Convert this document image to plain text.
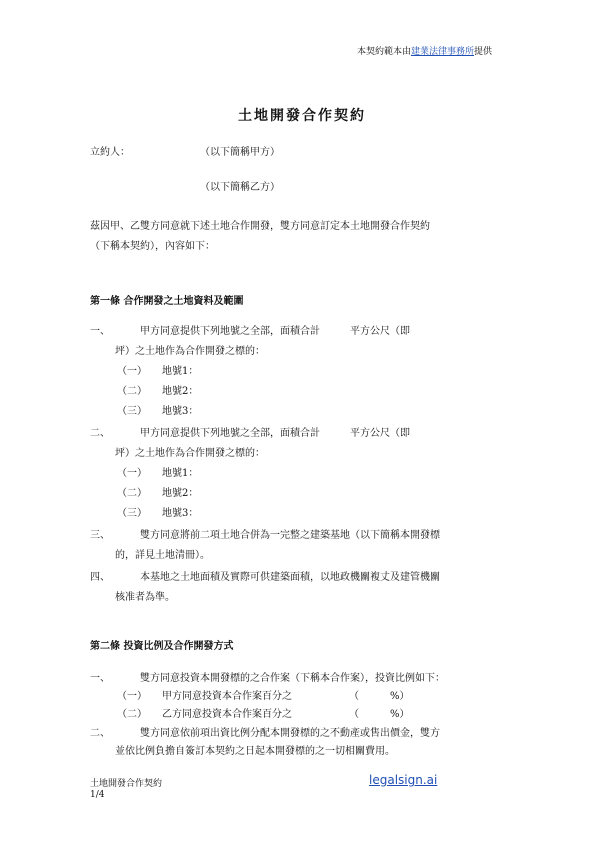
本契約範本由建業法律事務所提供
土地開發合作契約
立約人：	（以下簡稱甲方）
（以下簡稱乙方）
茲因甲、乙雙方同意就下述土地合作開發，雙方同意訂定本土地開發合作契約
（下稱本契約），內容如下：
第一條 合作開發之土地資料及範圍
一、	甲方同意提供下列地號之全部，面積合計　　　平方公尺（即
坪）之土地作為合作開發之標的：
（一） 地號1：
（二） 地號2：
（三） 地號3：
二、	甲方同意提供下列地號之全部，面積合計　　　平方公尺（即
坪）之土地作為合作開發之標的：
（一） 地號1：
（二） 地號2：
（三） 地號3：
三、	雙方同意將前二項土地合併為一完整之建築基地（以下簡稱本開發標
的，詳見土地清冊）。
四、	本基地之土地面積及實際可供建築面積，以地政機關複丈及建管機關
核准者為準。
第二條 投資比例及合作開發方式
一、	雙方同意投資本開發標的之合作案（下稱本合作案），投資比例如下：
（一） 甲方同意投資本合作案百分之	（	%）
（二） 乙方同意投資本合作案百分之	（	%）
二、	雙方同意依前項出資比例分配本開發標的之不動產或售出價金，雙方
並依比例負擔自簽訂本契約之日起本開發標的之一切相關費用。
土地開發合作契約	legalsign.ai
1/4
